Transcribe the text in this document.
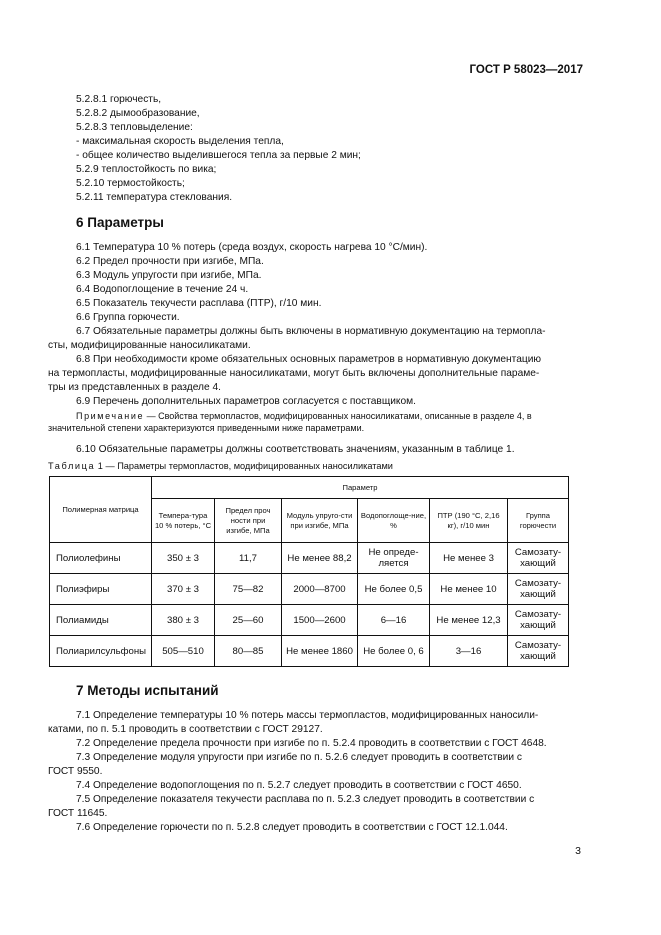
ГОСТ Р 58023—2017
5.2.8.1 горючесть,
5.2.8.2 дымообразование,
5.2.8.3 тепловыделение:
- максимальная скорость выделения тепла,
- общее количество выделившегося тепла за первые 2 мин;
5.2.9 теплостойкость по вика;
5.2.10 термостойкость;
5.2.11 температура стеклования.
6 Параметры
6.1 Температура 10 % потерь (среда воздух, скорость нагрева 10 °С/мин).
6.2 Предел прочности при изгибе, МПа.
6.3 Модуль упругости при изгибе, МПа.
6.4 Водопоглощение в течение 24 ч.
6.5 Показатель текучести расплава (ПТР), г/10 мин.
6.6 Группа горючести.
6.7 Обязательные параметры должны быть включены в нормативную документацию на термопла-
сты, модифицированные наносиликатами.
6.8 При необходимости кроме обязательных основных параметров в нормативную документацию
на термопласты, модифицированные наносиликатами, могут быть включены дополнительные параме-
тры из представленных в разделе 4.
6.9 Перечень дополнительных параметров согласуется с поставщиком.
Примечание — Свойства термопластов, модифицированных наносиликатами, описанные в разделе 4, в
значительной степени характеризуются приведенными ниже параметрами.
6.10 Обязательные параметры должны соответствовать значениям, указанным в таблице 1.
Таблица 1 — Параметры термопластов, модифицированных наносиликатами
Полимерная матрица	Параметр					
	Темпера-тура 10 % потерь, °С	Предел проч ности при изгибе, МПа	Модуль упруго-сти при изгибе, МПа	Водопоглоще-ние, %	ПТР (190 °С, 2,16 кг), г/10 мин	Группа горючести
Полиолефины	350 ± 3	11,7	Не менее 88,2	Не опреде-ляется	Не менее 3	Самозату-хающий
Полиэфиры	370 ± 3	75—82	2000—8700	Не более 0,5	Не менее 10	Самозату-хающий
Полиамиды	380 ± 3	25—60	1500—2600	6—16	Не менее 12,3	Самозату-хающий
Полиарилсульфоны	505—510	80—85	Не менее 1860	Не более 0, 6	3—16	Самозату-хающий
7 Методы испытаний
7.1 Определение температуры 10 % потерь массы термопластов, модифицированных наносили-
катами, по п. 5.1 проводить в соответствии с ГОСТ 29127.
7.2 Определение предела прочности при изгибе по п. 5.2.4 проводить в соответствии с ГОСТ 4648.
7.3 Определение модуля упругости при изгибе по п. 5.2.6 следует проводить в соответствии с
ГОСТ 9550.
7.4 Определение водопоглощения по п. 5.2.7 следует проводить в соответствии с ГОСТ 4650.
7.5 Определение показателя текучести расплава по п. 5.2.3 следует проводить в соответствии с
ГОСТ 11645.
7.6 Определение горючести по п. 5.2.8 следует проводить в соответствии с ГОСТ 12.1.044.
3
